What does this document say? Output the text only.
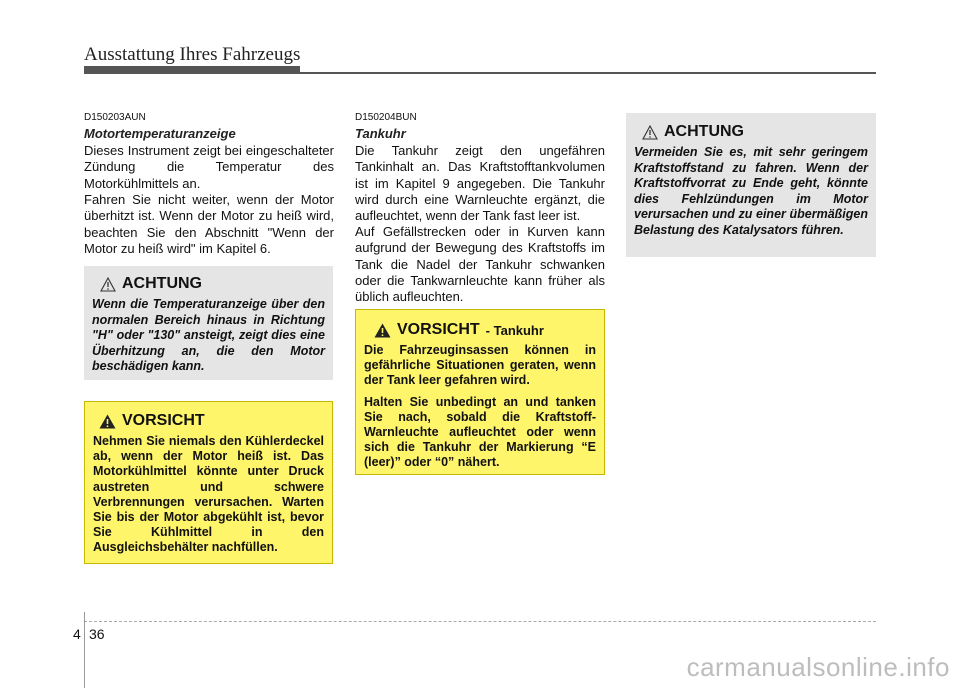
Ausstattung Ihres Fahrzeugs
D150203AUN
Motortemperaturanzeige

Dieses Instrument zeigt bei eingeschalteter Zündung die Temperatur des Motorkühlmittels an.

Fahren Sie nicht weiter, wenn der Motor überhitzt ist. Wenn der Motor zu heiß wird, beachten Sie den Abschnitt "Wenn der Motor zu heiß wird" im Kapitel 6.

ACHTUNG

Wenn die Temperaturanzeige über den normalen Bereich hinaus in Richtung "H" oder "130" ansteigt, zeigt dies eine Überhitzung an, die den Motor beschädigen kann.

VORSICHT

Nehmen Sie niemals den Kühlerdeckel ab, wenn der Motor heiß ist. Das Motorkühlmittel könnte unter Druck austreten und schwere Verbrennungen verursachen. Warten Sie bis der Motor abgekühlt ist, bevor Sie Kühlmittel in den Ausgleichsbehälter nachfüllen.

D150204BUN
Tankuhr

Die Tankuhr zeigt den ungefähren Tankinhalt an. Das Kraftstofftankvolumen ist im Kapitel 9 angegeben. Die Tankuhr wird durch eine Warnleuchte ergänzt, die aufleuchtet, wenn der Tank fast leer ist.

Auf Gefällstrecken oder in Kurven kann aufgrund der Bewegung des Kraftstoffs im Tank die Nadel der Tankuhr schwanken oder die Tankwarnleuchte kann früher als üblich aufleuchten.

VORSICHT - Tankuhr

Die Fahrzeuginsassen können in gefährliche Situationen geraten, wenn der Tank leer gefahren wird.

Halten Sie unbedingt an und tanken Sie nach, sobald die Kraftstoff-Warnleuchte aufleuchtet oder wenn sich die Tankuhr der Markierung “E (leer)” oder “0” nähert.

ACHTUNG

Vermeiden Sie es, mit sehr geringem Kraftstoffstand zu fahren. Wenn der Kraftstoffvorrat zu Ende geht, könnte dies Fehlzündungen im Motor verursachen und zu einer übermäßigen Belastung des Katalysators führen.

4 36
carmanualsonline.info
